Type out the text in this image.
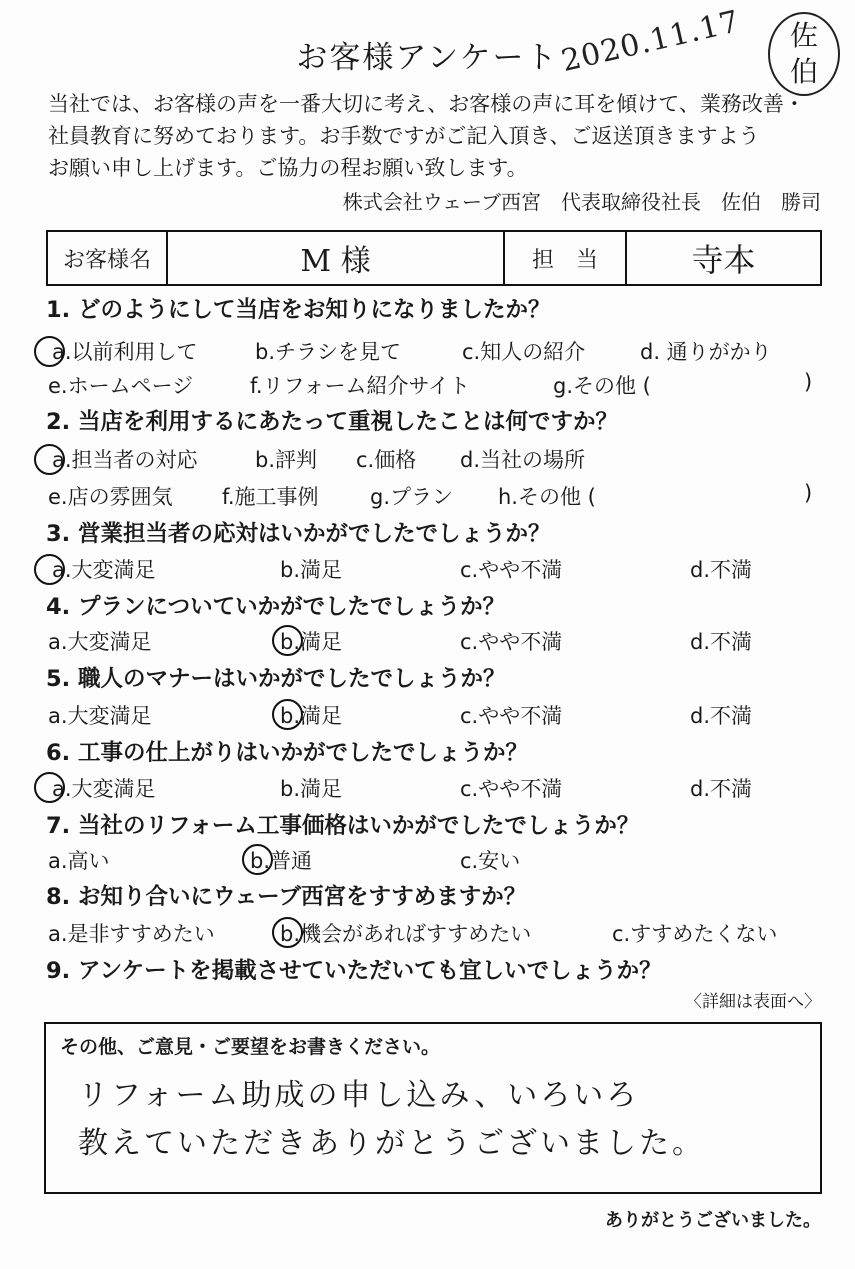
お客様アンケート 2020.11.17	佐
伯
当社では、お客様の声を一番大切に考え、お客様の声に耳を傾けて、業務改善・
社員教育に努めております。お手数ですがご記入頂き、ご返送頂きますよう
お願い申し上げます。ご協力の程お願い致します。
株式会社ウェーブ西宮　代表取締役社長　佐伯　勝司
お客様名	M 様	担　当	寺本
1. どのようにして当店をお知りになりましたか？
a.以前利用して	b.チラシを見て	c.知人の紹介	d. 通りがかり
e.ホームページ	f.リフォーム紹介サイト	g.その他 (	)
2. 当店を利用するにあたって重視したことは何ですか？
a.担当者の対応	b.評判 c.価格 d.当社の場所
e.店の雰囲気 f.施工事例 g.プラン h.その他 (	)
3. 営業担当者の応対はいかがでしたでしょうか？
a.大変満足	b.満足	c.やや不満	d.不満
4. プランについていかがでしたでしょうか？
a.大変満足	b.満足	c.やや不満	d.不満
5. 職人のマナーはいかがでしたでしょうか？
a.大変満足	b.満足	c.やや不満	d.不満
6. 工事の仕上がりはいかがでしたでしょうか？
a.大変満足	b.満足	c.やや不満	d.不満
7. 当社のリフォーム工事価格はいかがでしたでしょうか？
a.高い	b.普通	c.安い
8. お知り合いにウェーブ西宮をすすめますか？
a.是非すすめたい	b.機会があればすすめたい	c.すすめたくない
9. アンケートを掲載させていただいても宜しいでしょうか？
〈詳細は表面へ〉
その他、ご意見・ご要望をお書きください。
リフォーム助成の申し込み、いろいろ
教えていただきありがとうございました。
ありがとうございました。
